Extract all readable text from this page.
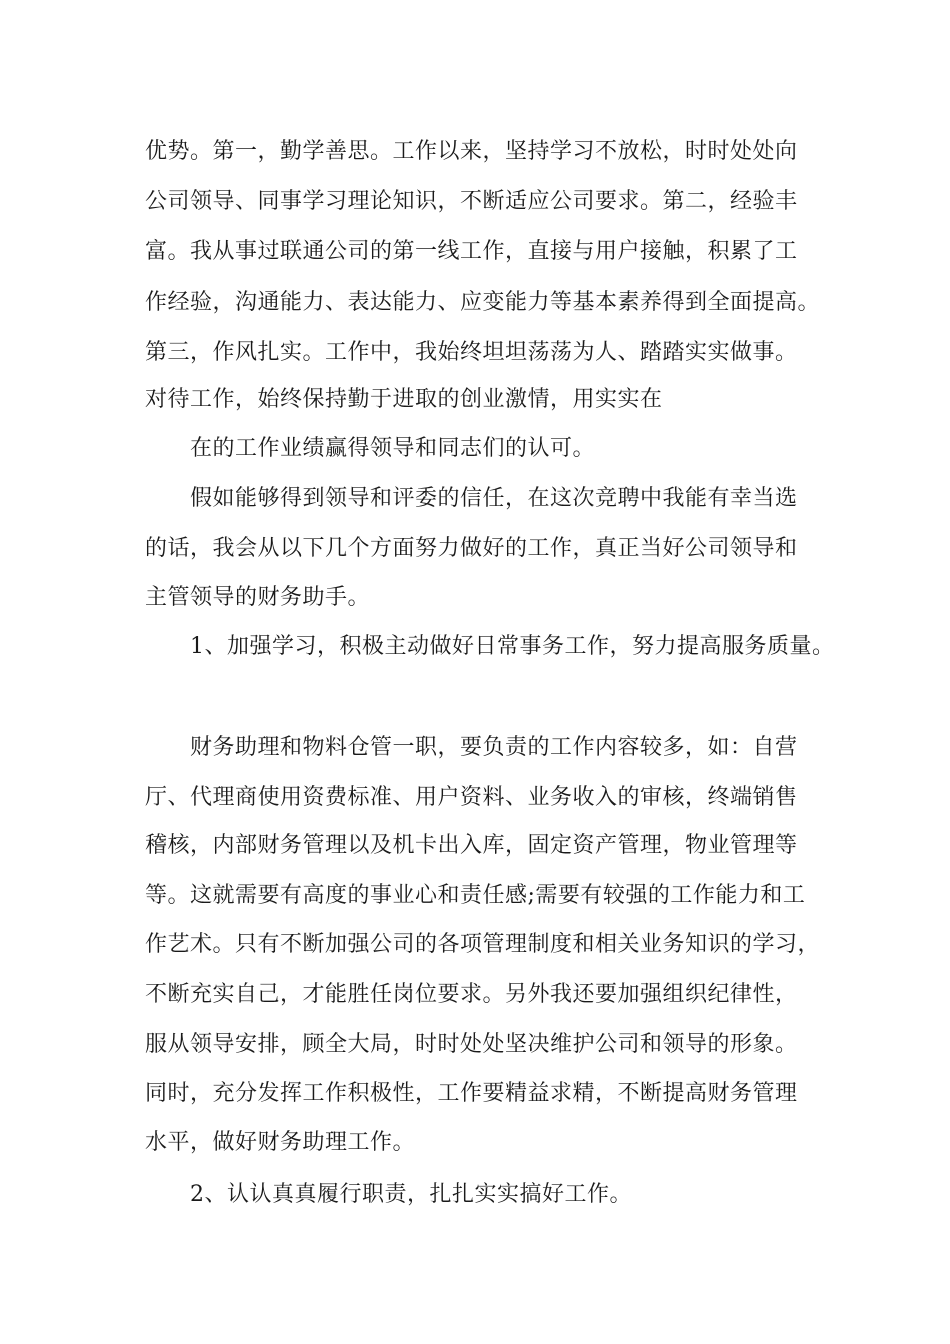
优势。第一，勤学善思。工作以来，坚持学习不放松，时时处处向
公司领导、同事学习理论知识，不断适应公司要求。第二，经验丰
富。我从事过联通公司的第一线工作，直接与用户接触，积累了工
作经验，沟通能力、表达能力、应变能力等基本素养得到全面提高。
第三，作风扎实。工作中，我始终坦坦荡荡为人、踏踏实实做事。
对待工作，始终保持勤于进取的创业激情，用实实在
在的工作业绩赢得领导和同志们的认可。
假如能够得到领导和评委的信任，在这次竞聘中我能有幸当选
的话，我会从以下几个方面努力做好的工作，真正当好公司领导和
主管领导的财务助手。
1、加强学习，积极主动做好日常事务工作，努力提高服务质量。
财务助理和物料仓管一职，要负责的工作内容较多，如：自营
厅、代理商使用资费标准、用户资料、业务收入的审核，终端销售
稽核，内部财务管理以及机卡出入库，固定资产管理，物业管理等
等。这就需要有高度的事业心和责任感;需要有较强的工作能力和工
作艺术。只有不断加强公司的各项管理制度和相关业务知识的学习，
不断充实自己，才能胜任岗位要求。另外我还要加强组织纪律性，
服从领导安排，顾全大局，时时处处坚决维护公司和领导的形象。
同时，充分发挥工作积极性，工作要精益求精，不断提高财务管理
水平，做好财务助理工作。
2、认认真真履行职责，扎扎实实搞好工作。
